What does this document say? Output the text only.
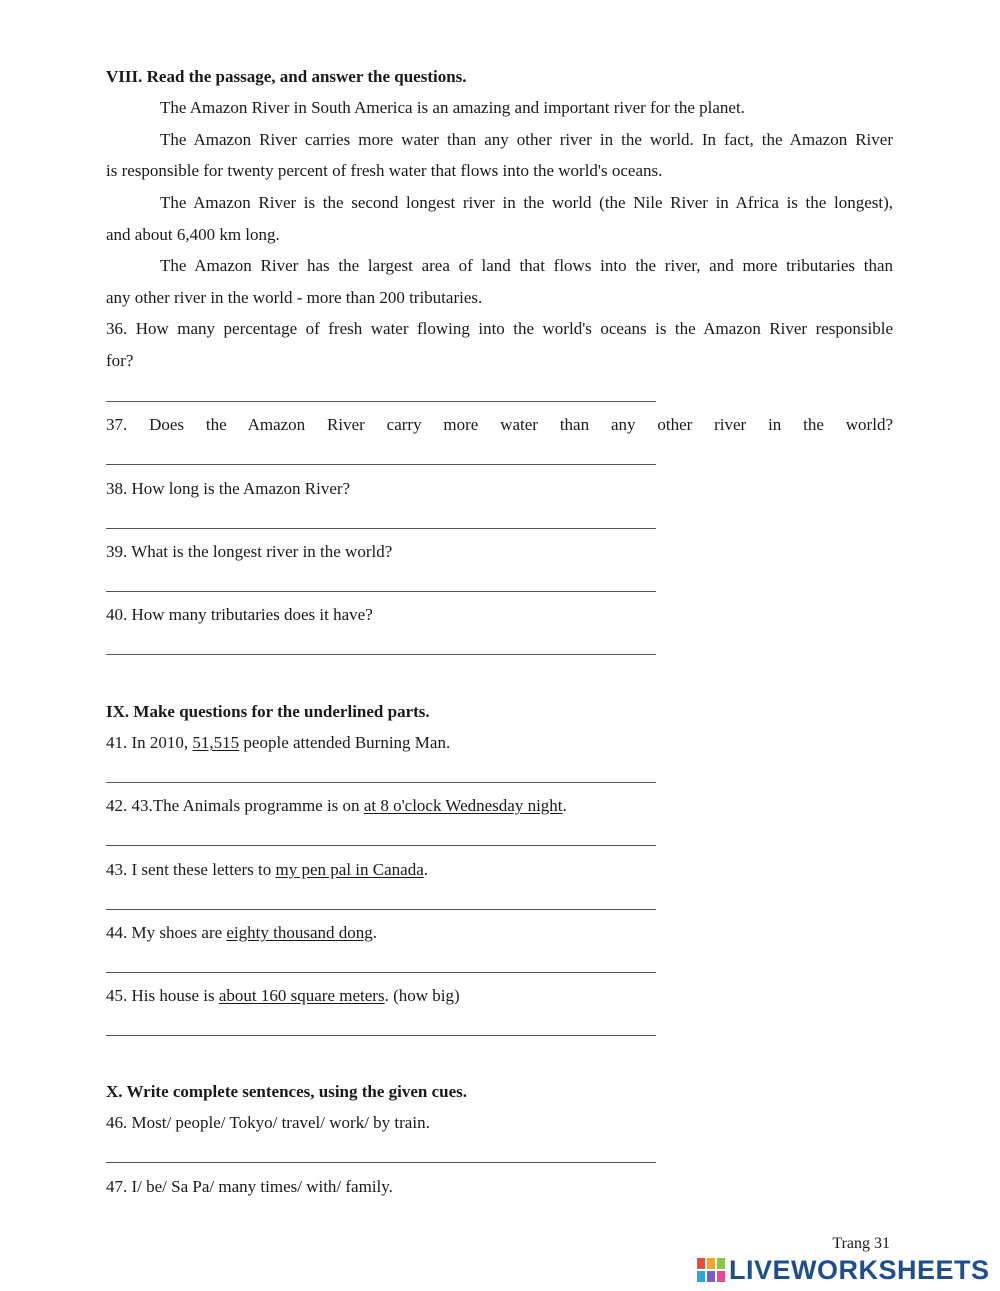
VIII. Read the passage, and answer the questions.
The Amazon River in South America is an amazing and important river for the planet.
The Amazon River carries more water than any other river in the world. In fact, the Amazon River
is responsible for twenty percent of fresh water that flows into the world's oceans.
The Amazon River is the second longest river in the world (the Nile River in Africa is the longest),
and about 6,400 km long.
The Amazon River has the largest area of land that flows into the river, and more tributaries than
any other river in the world - more than 200 tributaries.
36. How many percentage of fresh water flowing into the world's oceans is the Amazon River responsible
for?
37. Does the Amazon River carry more water than any other river in the world?
38. How long is the Amazon River?
39. What is the longest river in the world?
40. How many tributaries does it have?
IX. Make questions for the underlined parts.
41. In 2010, 51,515 people attended Burning Man.
42. 43.The Animals programme is on at 8 o'clock Wednesday night.
43. I sent these letters to my pen pal in Canada.
44. My shoes are eighty thousand dong.
45. His house is about 160 square meters. (how big)
X. Write complete sentences, using the given cues.
46. Most/ people/ Tokyo/ travel/ work/ by train.
47. I/ be/ Sa Pa/ many times/ with/ family.
Trang 31
LIVEWORKSHEETS
